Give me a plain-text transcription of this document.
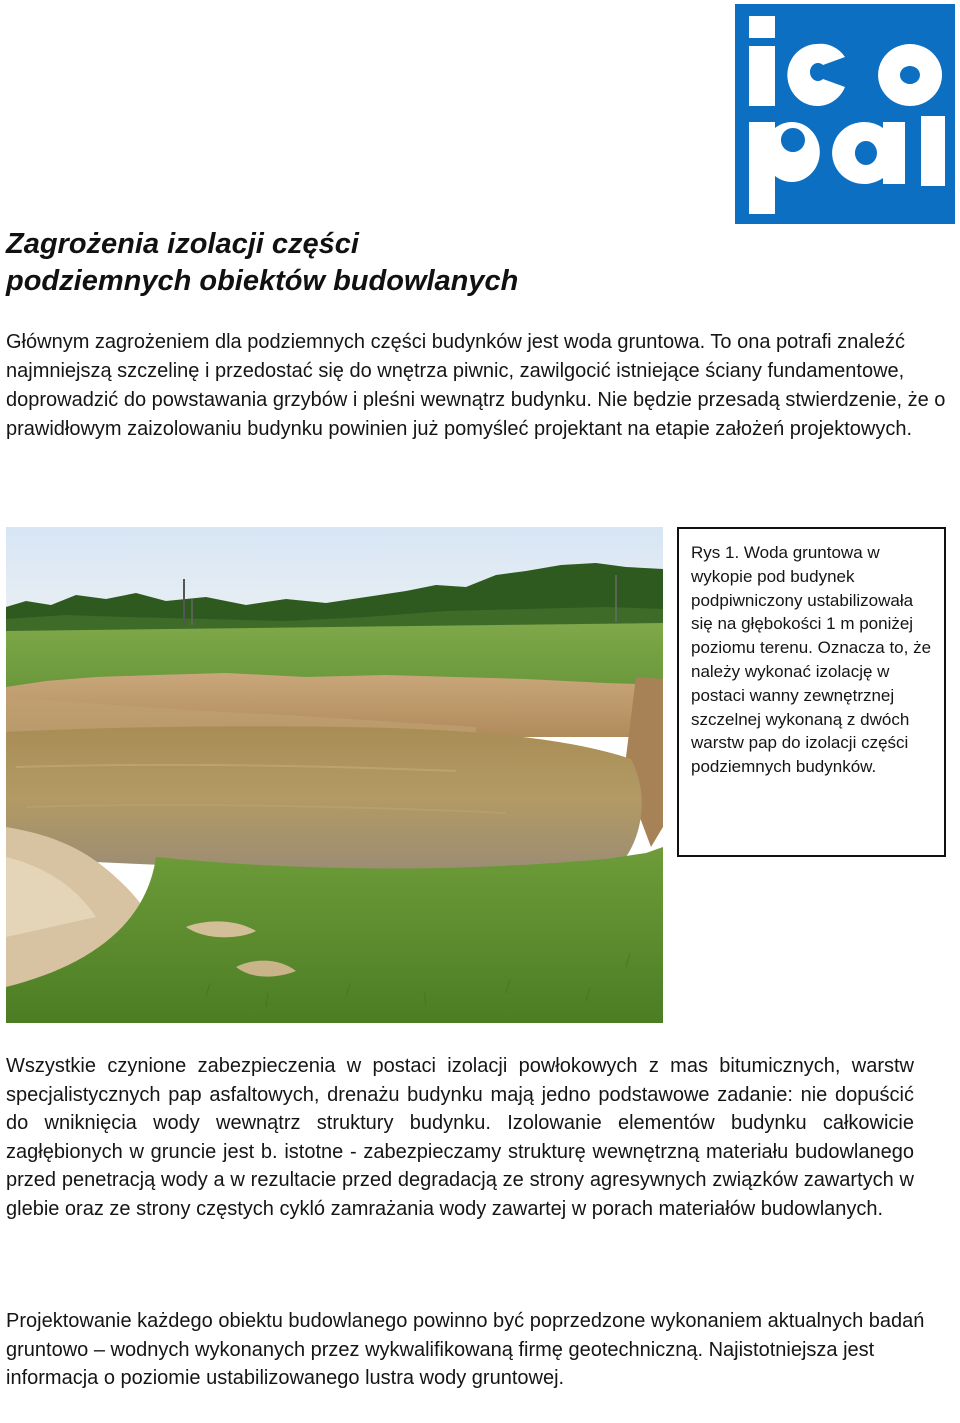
Zagrożenia izolacji części
podziemnych obiektów budowlanych

Głównym zagrożeniem dla podziemnych części budynków jest woda gruntowa. To ona potrafi znaleźć najmniejszą szczelinę i przedostać się do wnętrza piwnic, zawilgocić istniejące ściany fundamentowe, doprowadzić do powstawania grzybów i pleśni wewnątrz budynku. Nie będzie przesadą stwierdzenie, że o prawidłowym zaizolowaniu budynku powinien już pomyśleć projektant na etapie założeń projektowych.

Rys 1. Woda gruntowa w wykopie pod budynek podpiwniczony ustabilizowała się na głębokości 1 m poniżej poziomu terenu. Oznacza to, że należy wykonać izolację w postaci wanny zewnętrznej szczelnej wykonaną z dwóch warstw pap do izolacji części podziemnych budynków.

Wszystkie czynione zabezpieczenia w postaci izolacji powłokowych z mas bitumicznych, warstw specjalistycznych pap asfaltowych, drenażu budynku mają jedno podstawowe zadanie: nie dopuścić do wniknięcia wody wewnątrz struktury budynku. Izolowanie elementów budynku całkowicie zagłębionych w gruncie jest b. istotne - zabezpieczamy strukturę wewnętrzną materiału budowlanego przed penetracją wody a w rezultacie przed degradacją ze strony agresywnych związków zawartych w glebie oraz ze strony częstych cykló zamrażania wody zawartej w porach materiałów budowlanych.

Projektowanie każdego obiektu budowlanego powinno być poprzedzone wykonaniem aktualnych badań gruntowo – wodnych wykonanych przez wykwalifikowaną firmę geotechniczną. Najistotniejsza jest informacja o poziomie ustabilizowanego lustra wody gruntowej.
